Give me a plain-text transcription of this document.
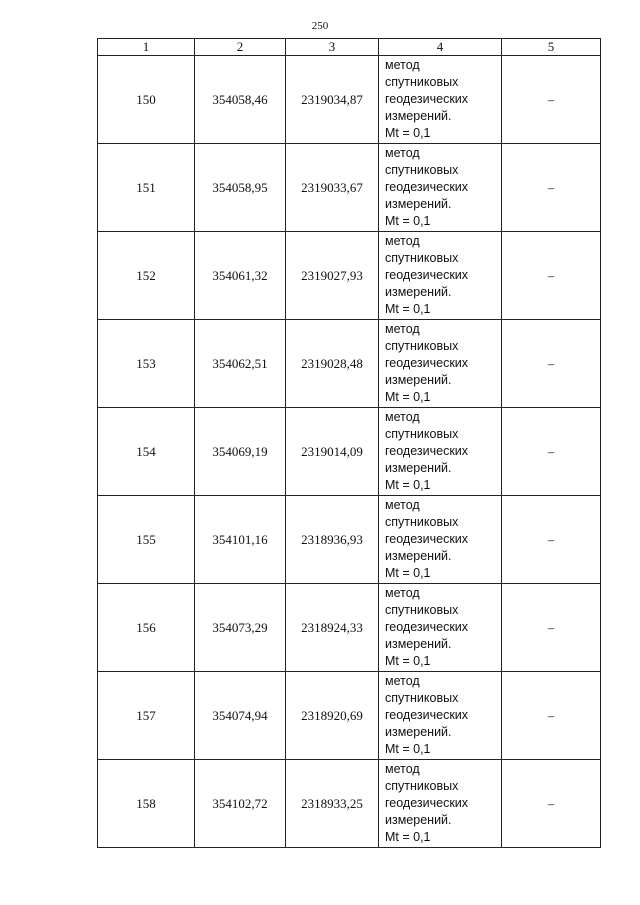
250
1	2	3	4	5
150	354058,46	2319034,87	метод
спутниковых
геодезических
измерений.
Mt = 0,1	–
151	354058,95	2319033,67	метод
спутниковых
геодезических
измерений.
Mt = 0,1	–
152	354061,32	2319027,93	метод
спутниковых
геодезических
измерений.
Mt = 0,1	–
153	354062,51	2319028,48	метод
спутниковых
геодезических
измерений.
Mt = 0,1	–
154	354069,19	2319014,09	метод
спутниковых
геодезических
измерений.
Mt = 0,1	–
155	354101,16	2318936,93	метод
спутниковых
геодезических
измерений.
Mt = 0,1	–
156	354073,29	2318924,33	метод
спутниковых
геодезических
измерений.
Mt = 0,1	–
157	354074,94	2318920,69	метод
спутниковых
геодезических
измерений.
Mt = 0,1	–
158	354102,72	2318933,25	метод
спутниковых
геодезических
измерений.
Mt = 0,1	–
